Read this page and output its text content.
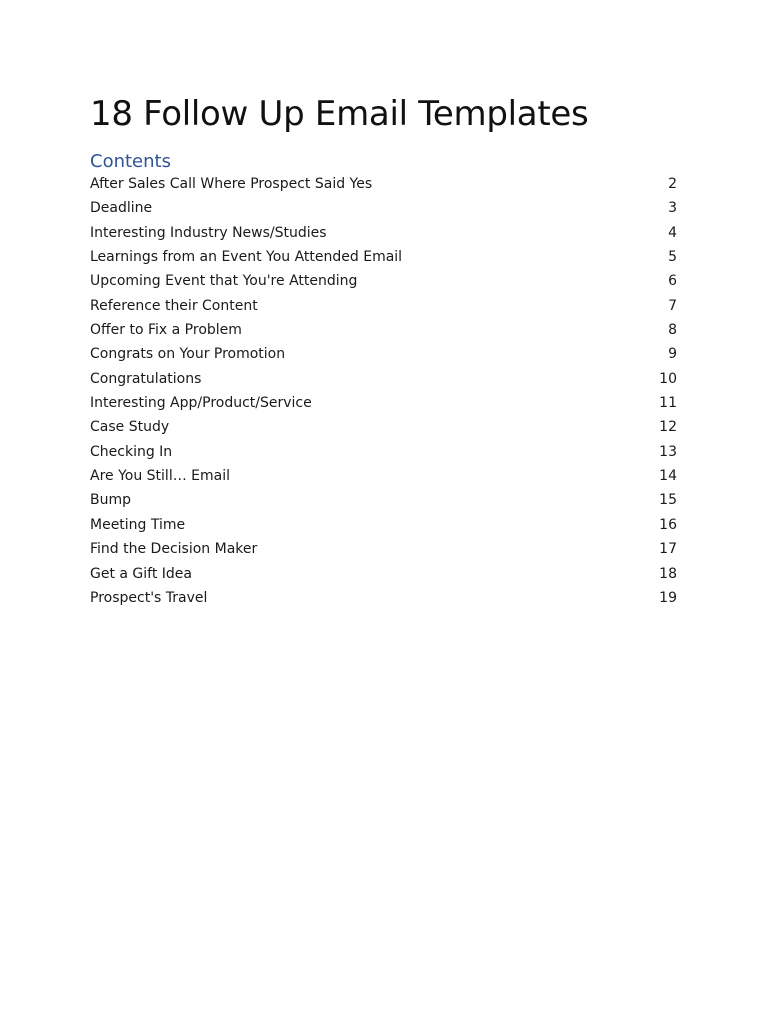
18 Follow Up Email Templates
Contents
After Sales Call Where Prospect Said Yes	2
Deadline	3
Interesting Industry News/Studies	4
Learnings from an Event You Attended Email	5
Upcoming Event that You're Attending	6
Reference their Content	7
Offer to Fix a Problem	8
Congrats on Your Promotion	9
Congratulations	10
Interesting App/Product/Service	11
Case Study	12
Checking In	13
Are You Still… Email	14
Bump	15
Meeting Time	16
Find the Decision Maker	17
Get a Gift Idea	18
Prospect's Travel	19
